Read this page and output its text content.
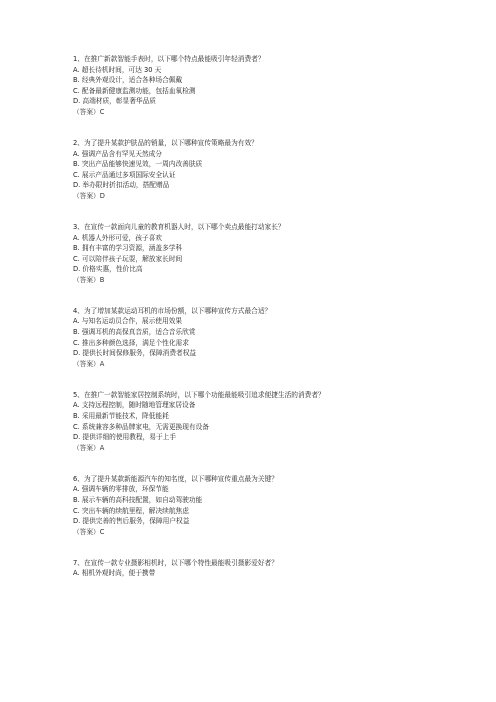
1、在推广新款智能手表时，以下哪个特点最能吸引年轻消费者？
A. 超长待机时间，可达 30 天
B. 经典外观设计，适合各种场合佩戴
C. 配备最新健康监测功能，包括血氧检测
D. 高端材质，彰显奢华品质
（答案）C
2、为了提升某款护肤品的销量，以下哪种宣传策略最为有效？
A. 强调产品含有罕见天然成分
B. 突出产品能够快速见效，一周内改善肤质
C. 展示产品通过多项国际安全认证
D. 举办限时折扣活动，搭配赠品
（答案）D
3、在宣传一款面向儿童的教育机器人时，以下哪个卖点最能打动家长？
A. 机器人外形可爱，孩子喜欢
B. 拥有丰富的学习资源，涵盖多学科
C. 可以陪伴孩子玩耍，解放家长时间
D. 价格实惠，性价比高
（答案）B
4、为了增加某款运动耳机的市场份额，以下哪种宣传方式最合适？
A. 与知名运动员合作，展示使用效果
B. 强调耳机的高保真音质，适合音乐欣赏
C. 推出多种颜色选择，满足个性化需求
D. 提供长时间保修服务，保障消费者权益
（答案）A
5、在推广一款智能家居控制系统时，以下哪个功能最能吸引追求便捷生活的消费者？
A. 支持远程控制，随时随地管理家居设备
B. 采用最新节能技术，降低能耗
C. 系统兼容多种品牌家电，无需更换现有设备
D. 提供详细的使用教程，易于上手
（答案）A
6、为了提升某款新能源汽车的知名度，以下哪种宣传重点最为关键？
A. 强调车辆的零排放，环保节能
B. 展示车辆的高科技配置，如自动驾驶功能
C. 突出车辆的续航里程，解决续航焦虑
D. 提供完善的售后服务，保障用户权益
（答案）C
7、在宣传一款专业摄影相机时，以下哪个特性最能吸引摄影爱好者？
A. 相机外观时尚，便于携带
